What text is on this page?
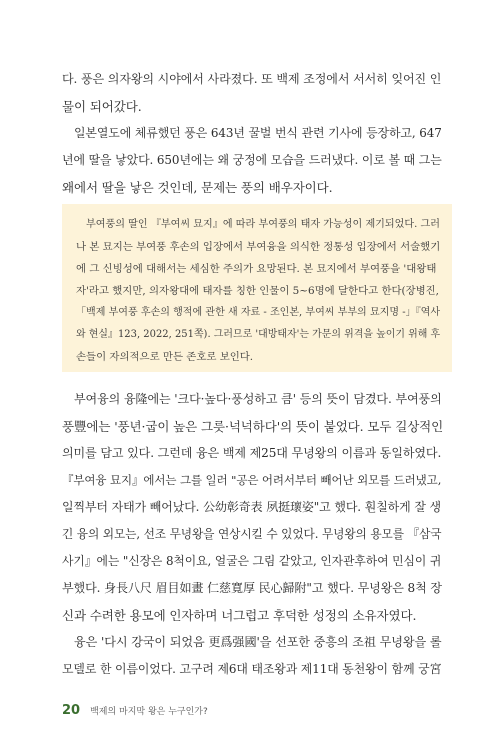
다. 풍은 의자왕의 시야에서 사라졌다. 또 백제 조정에서 서서히 잊어진 인
물이 되어갔다.
일본열도에 체류했던 풍은 643년 꿀벌 번식 관련 기사에 등장하고, 647
년에 딸을 낳았다. 650년에는 왜 궁정에 모습을 드러냈다. 이로 볼 때 그는
왜에서 딸을 낳은 것인데, 문제는 풍의 배우자이다.
부여풍의 딸인 『부여씨 묘지』에 따라 부여풍의 태자 가능성이 제기되었다. 그러
나 본 묘지는 부여풍 후손의 입장에서 부여융을 의식한 정통성 입장에서 서술했기
에 그 신빙성에 대해서는 세심한 주의가 요망된다. 본 묘지에서 부여풍을 '대왕태
자'라고 했지만, 의자왕대에 태자를 칭한 인물이 5~6명에 달한다고 한다(장병진,
「백제 부여풍 후손의 행적에 관한 새 자료 - 조인본, 부여씨 부부의 묘지명 -」『역사
와 현실』123, 2022, 251쪽). 그러므로 '대방태자'는 가문의 위격을 높이기 위해 후
손들이 자의적으로 만든 존호로 보인다.
부여융의 융隆에는 '크다·높다·풍성하고 큼' 등의 뜻이 담겼다. 부여풍의
풍豐에는 '풍년·굽이 높은 그릇·넉넉하다'의 뜻이 붙었다. 모두 길상적인
의미를 담고 있다. 그런데 융은 백제 제25대 무녕왕의 이름과 동일하였다.
『부여융 묘지』에서는 그를 일러 "공은 어려서부터 빼어난 외모를 드러냈고,
일찍부터 자태가 빼어났다. 公幼彰奇表 夙挺瓌姿"고 했다. 훤칠하게 잘 생
긴 융의 외모는, 선조 무녕왕을 연상시킬 수 있었다. 무녕왕의 용모를 『삼국
사기』에는 "신장은 8척이요, 얼굴은 그림 같았고, 인자관후하여 민심이 귀
부했다. 身長八尺 眉目如畫 仁慈寬厚 民心歸附"고 했다. 무녕왕은 8척 장
신과 수려한 용모에 인자하며 너그럽고 후덕한 성정의 소유자였다.
융은 '다시 강국이 되었음 更爲强國'을 선포한 중흥의 조祖 무녕왕을 롤
모델로 한 이름이었다. 고구려 제6대 태조왕과 제11대 동천왕이 함께 궁宮
20 백제의 마지막 왕은 누구인가?
